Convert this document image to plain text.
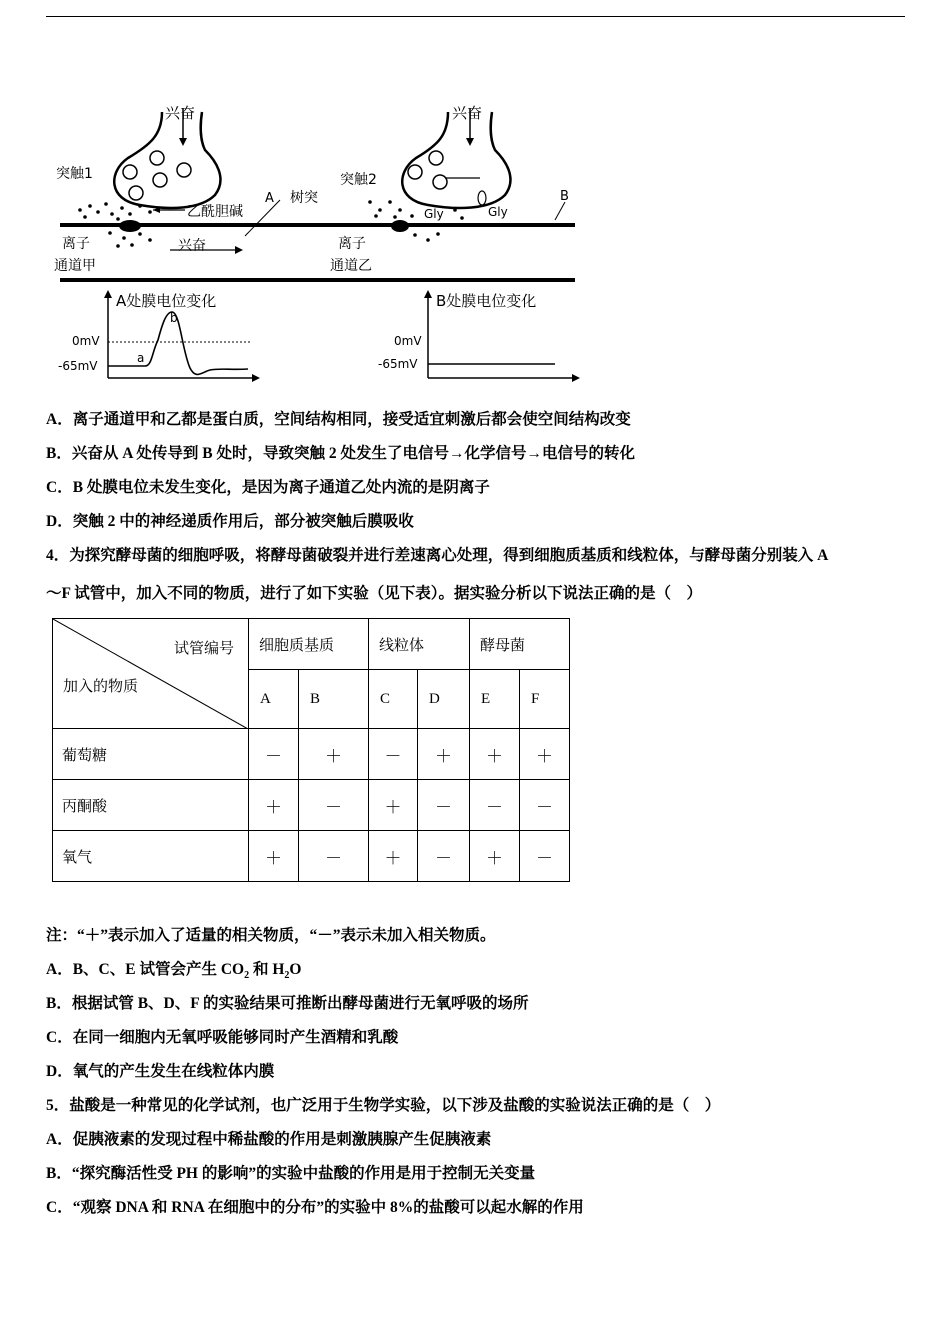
兴奋	兴奋
突触1	突触2
乙酰胆碱
A 树突	B
Gly	Gly
离子
通道甲
兴奋	离子
通道乙
A处膜电位变化
0mV
-65mV
a
b
B处膜电位变化
0mV
-65mV
A．离子通道甲和乙都是蛋白质，空间结构相同，接受适宜刺激后都会使空间结构改变
B．兴奋从 A 处传导到 B 处时，导致突触 2 处发生了电信号→化学信号→电信号的转化
C．B 处膜电位未发生变化，是因为离子通道乙处内流的是阴离子
D．突触 2 中的神经递质作用后，部分被突触后膜吸收
4．为探究酵母菌的细胞呼吸，将酵母菌破裂并进行差速离心处理，得到细胞质基质和线粒体，与酵母菌分别装入 A
～F 试管中，加入不同的物质，进行了如下实验（见下表）。据实验分析以下说法正确的是（　）
试管编号
加入的物质	细胞质基质		线粒体		酵母菌	
	A	B	C	D	E	F
葡萄糖	－	＋	－	＋	＋	＋
丙酮酸	＋	－	＋	－	－	－
氧气	＋	－	＋	－	＋	－
注：“＋”表示加入了适量的相关物质，“－”表示未加入相关物质。
A．B、C、E 试管会产生 $CO_2$ 和 $H_2O$
B．根据试管 B、D、F 的实验结果可推断出酵母菌进行无氧呼吸的场所
C．在同一细胞内无氧呼吸能够同时产生酒精和乳酸
D．氧气的产生发生在线粒体内膜
5．盐酸是一种常见的化学试剂，也广泛用于生物学实验，以下涉及盐酸的实验说法正确的是（　）
A．促胰液素的发现过程中稀盐酸的作用是刺激胰腺产生促胰液素
B．“探究酶活性受 PH 的影响”的实验中盐酸的作用是用于控制无关变量
C．“观察 DNA 和 RNA 在细胞中的分布”的实验中 8%的盐酸可以起水解的作用
